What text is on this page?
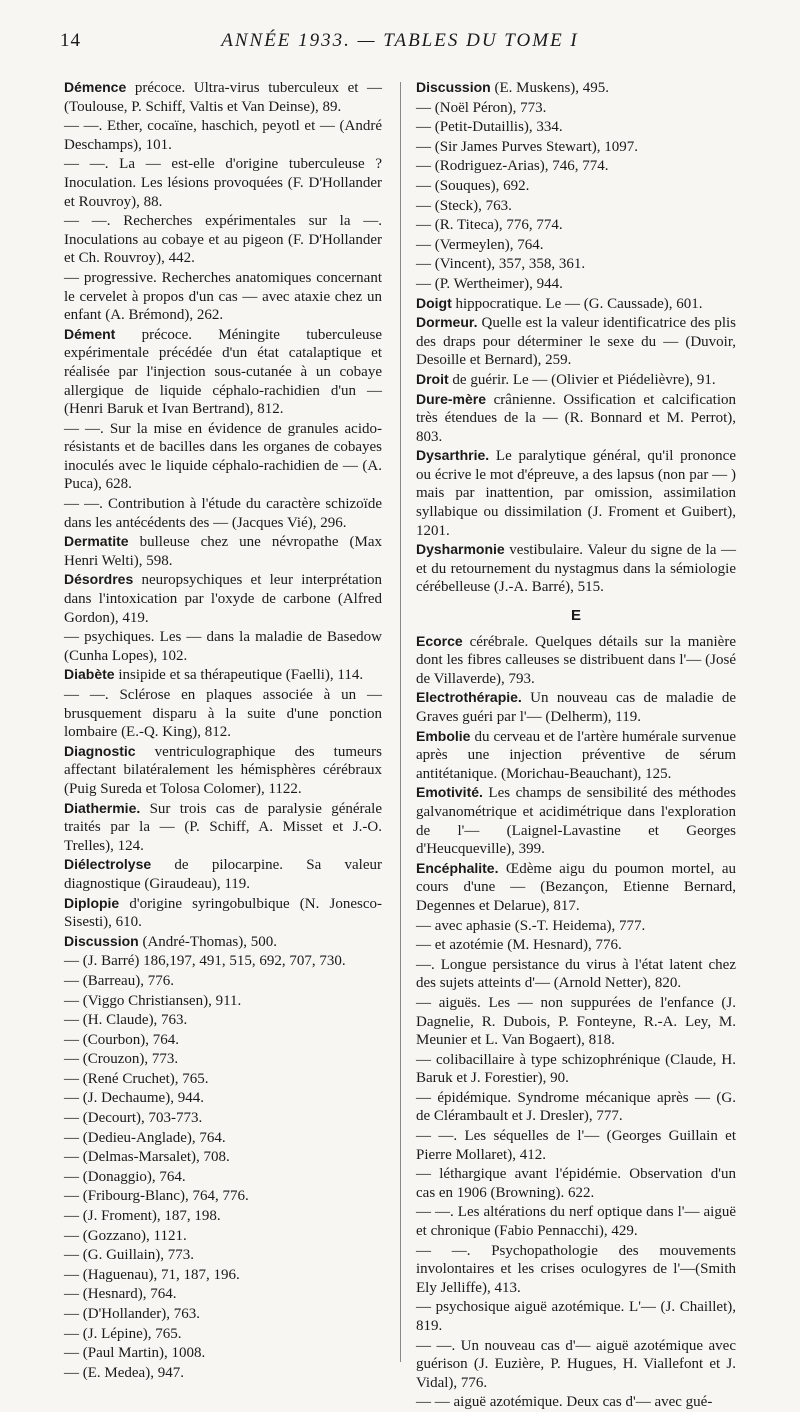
14	ANNÉE 1933. — TABLES DU TOME I

Démence précoce. Ultra-virus tuberculeux et — (Toulouse, P. Schiff, Valtis et Van Deinse), 89.

— —. Ether, cocaïne, haschich, peyotl et — (André Deschamps), 101.

— —. La — est-elle d'origine tuberculeuse ? Inoculation. Les lésions provoquées (F. D'Hollander et Rouvroy), 88.

— —. Recherches expérimentales sur la —. Inoculations au cobaye et au pigeon (F. D'Hollander et Ch. Rouvroy), 442.

— progressive. Recherches anatomiques concernant le cervelet à propos d'un cas — avec ataxie chez un enfant (A. Brémond), 262.

Dément précoce. Méningite tuberculeuse expérimentale précédée d'un état catalaptique et réalisée par l'injection sous-cutanée à un cobaye allergique de liquide céphalo-rachidien d'un — (Henri Baruk et Ivan Bertrand), 812.

— —. Sur la mise en évidence de granules acido-résistants et de bacilles dans les organes de cobayes inoculés avec le liquide céphalo-rachidien de — (A. Puca), 628.

— —. Contribution à l'étude du caractère schizoïde dans les antécédents des — (Jacques Vié), 296.

Dermatite bulleuse chez une névropathe (Max Henri Welti), 598.

Désordres neuropsychiques et leur interprétation dans l'intoxication par l'oxyde de carbone (Alfred Gordon), 419.

— psychiques. Les — dans la maladie de Basedow (Cunha Lopes), 102.

Diabète insipide et sa thérapeutique (Faelli), 114.

— —. Sclérose en plaques associée à un — brusquement disparu à la suite d'une ponction lombaire (E.-Q. King), 812.

Diagnostic ventriculographique des tumeurs affectant bilatéralement les hémisphères cérébraux (Puig Sureda et Tolosa Colomer), 1122.

Diathermie. Sur trois cas de paralysie générale traités par la — (P. Schiff, A. Misset et J.-O. Trelles), 124.

Diélectrolyse de pilocarpine. Sa valeur diagnostique (Giraudeau), 119.

Diplopie d'origine syringobulbique (N. Jonesco-Sisesti), 610.

Discussion (André-Thomas), 500.

— (J. Barré) 186,197, 491, 515, 692, 707, 730.

— (Barreau), 776.

— (Viggo Christiansen), 911.

— (H. Claude), 763.

— (Courbon), 764.

— (Crouzon), 773.

— (René Cruchet), 765.

— (J. Dechaume), 944.

— (Decourt), 703-773.

— (Dedieu-Anglade), 764.

— (Delmas-Marsalet), 708.

— (Donaggio), 764.

— (Fribourg-Blanc), 764, 776.

— (J. Froment), 187, 198.

— (Gozzano), 1121.

— (G. Guillain), 773.

— (Haguenau), 71, 187, 196.

— (Hesnard), 764.

— (D'Hollander), 763.

— (J. Lépine), 765.

— (Paul Martin), 1008.

— (E. Medea), 947.

Discussion (E. Muskens), 495.

— (Noël Péron), 773.

— (Petit-Dutaillis), 334.

— (Sir James Purves Stewart), 1097.

— (Rodriguez-Arias), 746, 774.

— (Souques), 692.

— (Steck), 763.

— (R. Titeca), 776, 774.

— (Vermeylen), 764.

— (Vincent), 357, 358, 361.

— (P. Wertheimer), 944.

Doigt hippocratique. Le — (G. Caussade), 601.

Dormeur. Quelle est la valeur identificatrice des plis des draps pour déterminer le sexe du — (Duvoir, Desoille et Bernard), 259.

Droit de guérir. Le — (Olivier et Piédelièvre), 91.

Dure-mère crânienne. Ossification et calcification très étendues de la — (R. Bonnard et M. Perrot), 803.

Dysarthrie. Le paralytique général, qu'il prononce ou écrive le mot d'épreuve, a des lapsus (non par — ) mais par inattention, par omission, assimilation syllabique ou dissimilation (J. Froment et Guibert), 1201.

Dysharmonie vestibulaire. Valeur du signe de la — et du retournement du nystagmus dans la sémiologie cérébelleuse (J.-A. Barré), 515.

E

Ecorce cérébrale. Quelques détails sur la manière dont les fibres calleuses se distribuent dans l'— (José de Villaverde), 793.

Electrothérapie. Un nouveau cas de maladie de Graves guéri par l'— (Delherm), 119.

Embolie du cerveau et de l'artère humérale survenue après une injection préventive de sérum antitétanique. (Morichau-Beauchant), 125.

Emotivité. Les champs de sensibilité des méthodes galvanométrique et acidimétrique dans l'exploration de l'— (Laignel-Lavastine et Georges d'Heucqueville), 399.

Encéphalite. Œdème aigu du poumon mortel, au cours d'une — (Bezançon, Etienne Bernard, Degennes et Delarue), 817.

— avec aphasie (S.-T. Heidema), 777.

— et azotémie (M. Hesnard), 776.

—. Longue persistance du virus à l'état latent chez des sujets atteints d'— (Arnold Netter), 820.

— aiguës. Les — non suppurées de l'enfance (J. Dagnelie, R. Dubois, P. Fonteyne, R.-A. Ley, M. Meunier et L. Van Bogaert), 818.

— colibacillaire à type schizophrénique (Claude, H. Baruk et J. Forestier), 90.

— épidémique. Syndrome mécanique après — (G. de Clérambault et J. Dresler), 777.

— —. Les séquelles de l'— (Georges Guillain et Pierre Mollaret), 412.

— léthargique avant l'épidémie. Observation d'un cas en 1906 (Browning). 622.

— —. Les altérations du nerf optique dans l'— aiguë et chronique (Fabio Pennacchi), 429.

— —. Psychopathologie des mouvements involontaires et les crises oculogyres de l'—(Smith Ely Jelliffe), 413.

— psychosique aiguë azotémique. L'— (J. Chaillet), 819.

— —. Un nouveau cas d'— aiguë azotémique avec guérison (J. Euzière, P. Hugues, H. Viallefont et J. Vidal), 776.

— — aiguë azotémique. Deux cas d'— avec gué-
